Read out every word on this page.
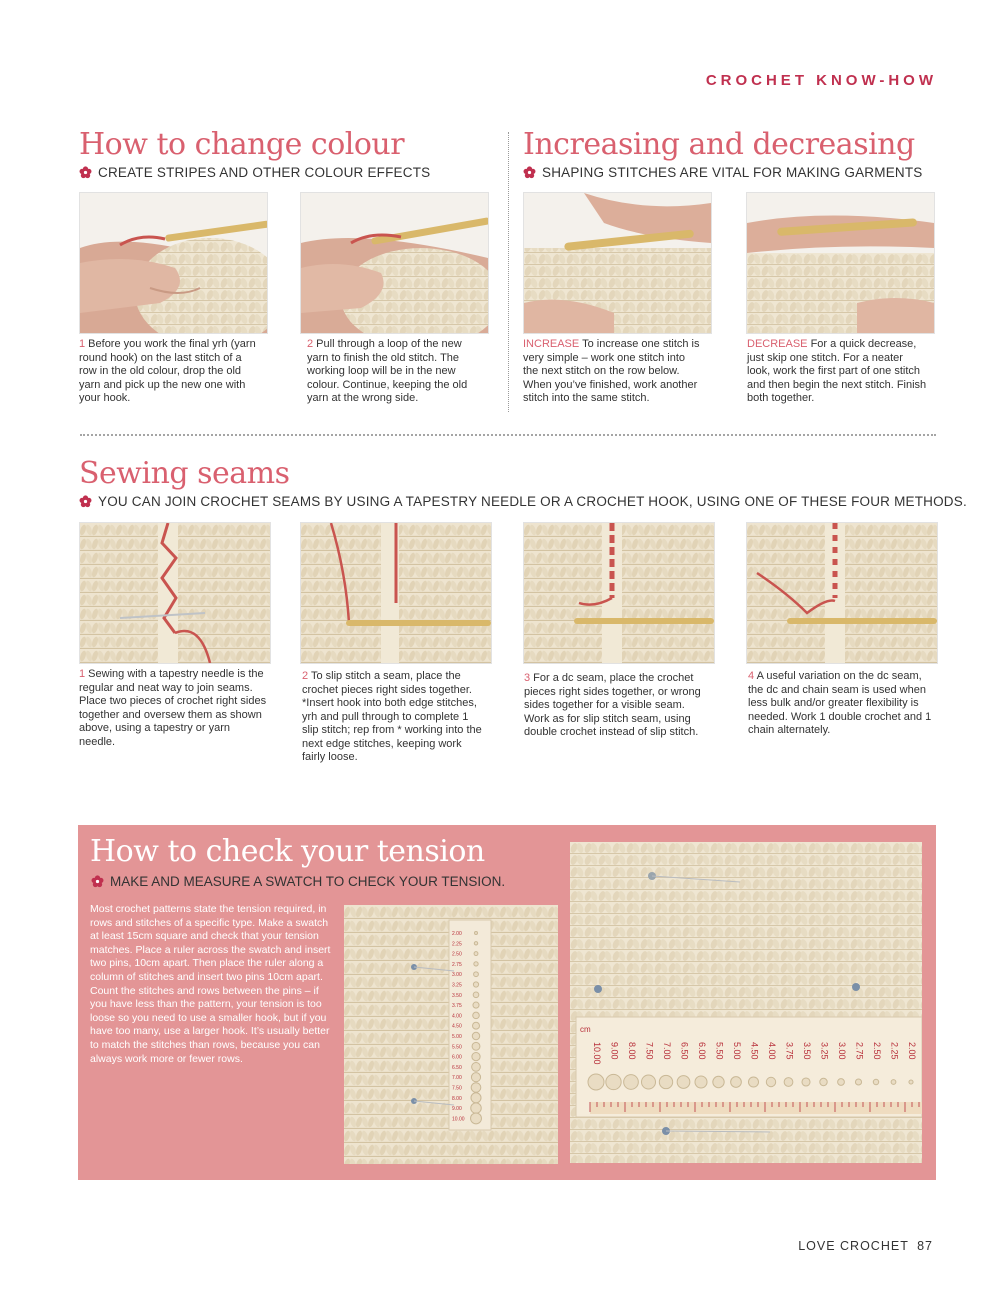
CROCHET KNOW-HOW
How to change colour
CREATE STRIPES AND OTHER COLOUR EFFECTS
1 Before you work the final yrh (yarn round hook) on the last stitch of a row in the old colour, drop the old yarn and pick up the new one with your hook.
2 Pull through a loop of the new yarn to finish the old stitch. The working loop will be in the new colour. Continue, keeping the old yarn at the wrong side.
Increasing and decreasing
SHAPING STITCHES ARE VITAL FOR MAKING GARMENTS
INCREASE To increase one stitch is very simple – work one stitch into the next stitch on the row below. When you’ve finished, work another stitch into the same stitch.
DECREASE For a quick decrease, just skip one stitch. For a neater look, work the first part of one stitch and then begin the next stitch. Finish both together.
Sewing seams
YOU CAN JOIN CROCHET SEAMS BY USING A TAPESTRY NEEDLE OR A CROCHET HOOK, USING ONE OF THESE FOUR METHODS.
1 Sewing with a tapestry needle is the regular and neat way to join seams. Place two pieces of crochet right sides together and oversew them as shown above, using a tapestry or yarn needle.
2 To slip stitch a seam, place the crochet pieces right sides together. *Insert hook into both edge stitches, yrh and pull through to complete 1 slip stitch; rep from * working into the next edge stitches, keeping work fairly loose.
3 For a dc seam, place the crochet pieces right sides together, or wrong sides together for a visible seam. Work as for slip stitch seam, using double crochet instead of slip stitch.
4 A useful variation on the dc seam, the dc and chain seam is used when less bulk and/or greater flexibility is needed. Work 1 double crochet and 1 chain alternately.
How to check your tension
MAKE AND MEASURE A SWATCH TO CHECK YOUR TENSION.
Most crochet patterns state the tension required, in rows and stitches of a specific type. Make a swatch at least 15cm square and check that your tension matches. Place a ruler across the swatch and insert two pins, 10cm apart. Then place the ruler along a column of stitches and insert two pins 10cm apart. Count the stitches and rows between the pins – if you have less than the pattern, your tension is too loose so you need to use a smaller hook, but if you have too many, use a larger hook. It’s usually better to match the stitches than rows, because you can always work more or fewer rows.
2.00
2.25
2.50
2.75
3.00
3.25
3.50
3.75
4.00
4.50
5.00
5.50
6.00
6.50
7.00
7.50
8.00
9.00
10.00
10.00 9.00 8.00 7.50 7.00 6.50 6.00 5.50 5.00 4.50 4.00 3.75 3.50 3.25 3.00 2.75 2.50 2.25 2.00
cm
LOVE CROCHET 87
